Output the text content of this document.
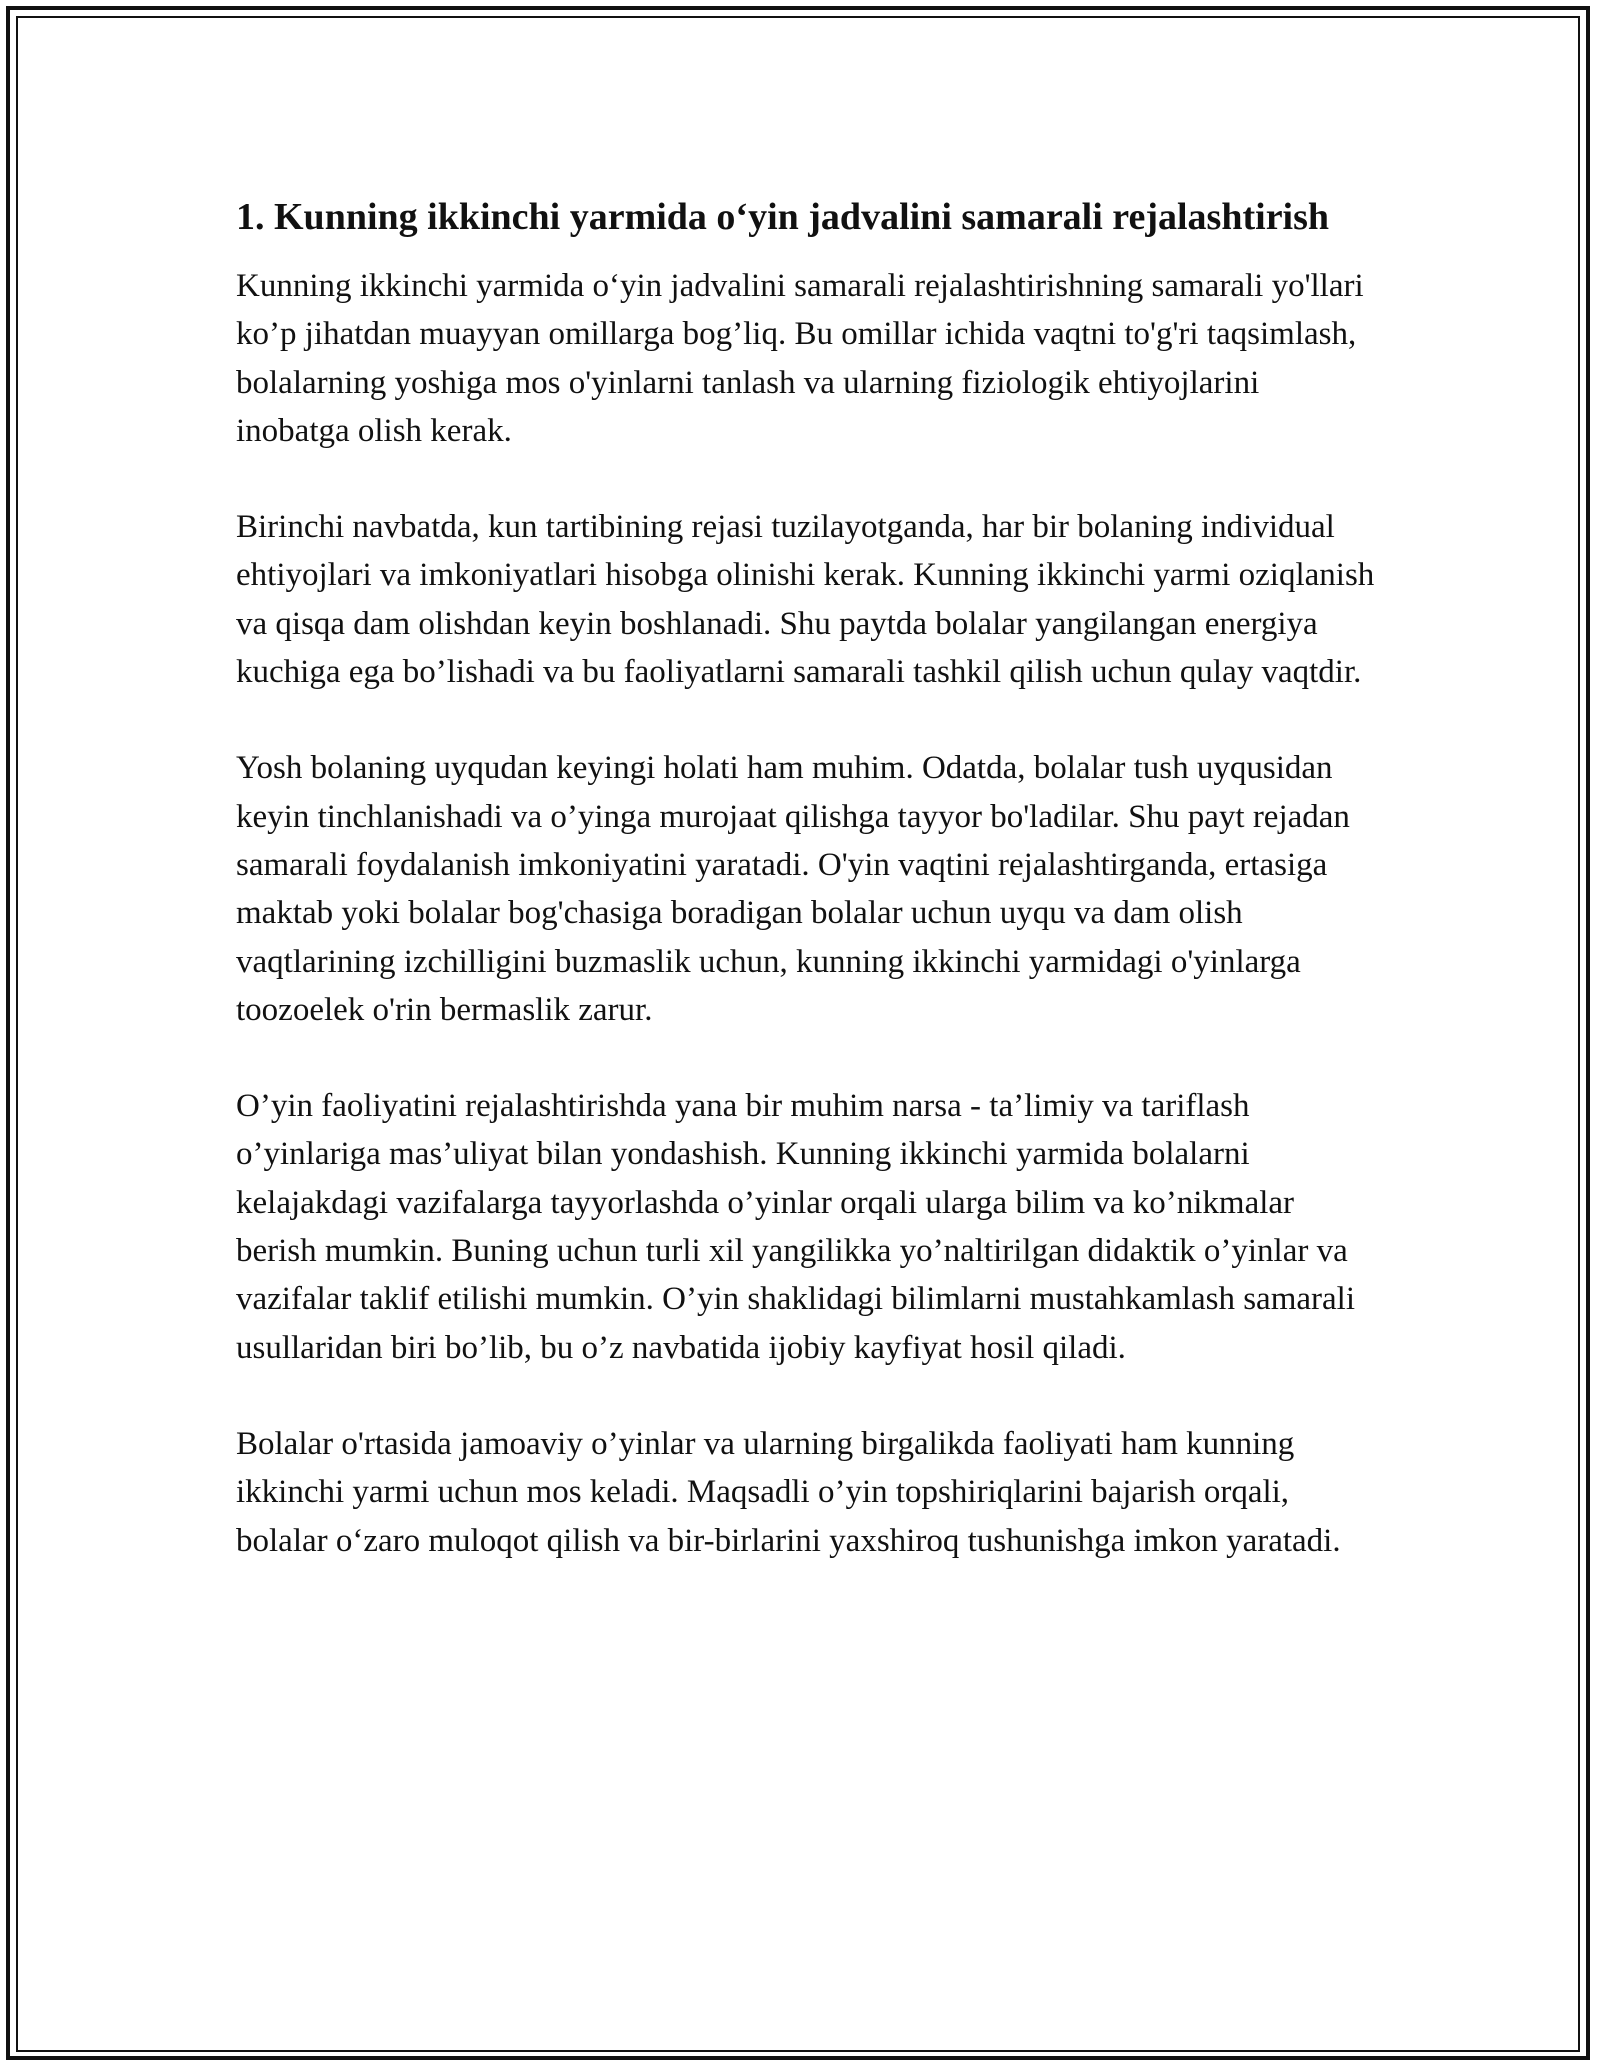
1. Kunning ikkinchi yarmida o‘yin jadvalini samarali rejalashtirish

Kunning ikkinchi yarmida o‘yin jadvalini samarali rejalashtirishning samarali yo'llari ko’p jihatdan muayyan omillarga bog’liq. Bu omillar ichida vaqtni to'g'ri taqsimlash, bolalarning yoshiga mos o'yinlarni tanlash va ularning fiziologik ehtiyojlarini inobatga olish kerak.

Birinchi navbatda, kun tartibining rejasi tuzilayotganda, har bir bolaning individual ehtiyojlari va imkoniyatlari hisobga olinishi kerak. Kunning ikkinchi yarmi oziqlanish va qisqa dam olishdan keyin boshlanadi. Shu paytda bolalar yangilangan energiya kuchiga ega bo’lishadi va bu faoliyatlarni samarali tashkil qilish uchun qulay vaqtdir.

Yosh bolaning uyqudan keyingi holati ham muhim. Odatda, bolalar tush uyqusidan keyin tinchlanishadi va o’yinga murojaat qilishga tayyor bo'ladilar. Shu payt rejadan samarali foydalanish imkoniyatini yaratadi. O'yin vaqtini rejalashtirganda, ertasiga maktab yoki bolalar bog'chasiga boradigan bolalar uchun uyqu va dam olish vaqtlarining izchilligini buzmaslik uchun, kunning ikkinchi yarmidagi o'yinlarga toozoelek o'rin bermaslik zarur.

O’yin faoliyatini rejalashtirishda yana bir muhim narsa - ta’limiy va tariflash o’yinlariga mas’uliyat bilan yondashish. Kunning ikkinchi yarmida bolalarni kelajakdagi vazifalarga tayyorlashda o’yinlar orqali ularga bilim va ko’nikmalar berish mumkin. Buning uchun turli xil yangilikka yo’naltirilgan didaktik o’yinlar va vazifalar taklif etilishi mumkin. O’yin shaklidagi bilimlarni mustahkamlash samarali usullaridan biri bo’lib, bu o’z navbatida ijobiy kayfiyat hosil qiladi.

Bolalar o'rtasida jamoaviy o’yinlar va ularning birgalikda faoliyati ham kunning ikkinchi yarmi uchun mos keladi. Maqsadli o’yin topshiriqlarini bajarish orqali, bolalar o‘zaro muloqot qilish va bir-birlarini yaxshiroq tushunishga imkon yaratadi.
